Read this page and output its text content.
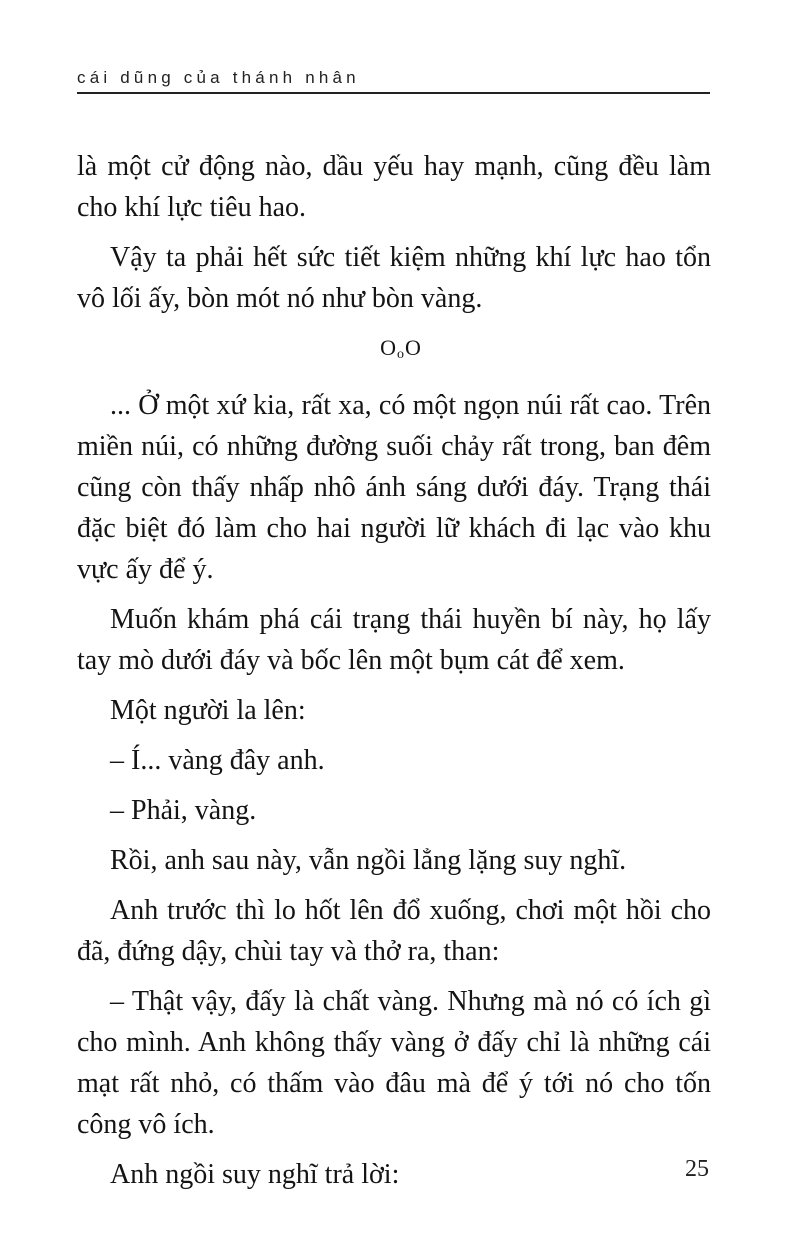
cái dũng của thánh nhân

là một cử động nào, dầu yếu hay mạnh, cũng đều làm cho khí lực tiêu hao.

Vậy ta phải hết sức tiết kiệm những khí lực hao tổn vô lối ấy, bòn mót nó như bòn vàng.

OoO

... Ở một xứ kia, rất xa, có một ngọn núi rất cao. Trên miền núi, có những đường suối chảy rất trong, ban đêm cũng còn thấy nhấp nhô ánh sáng dưới đáy. Trạng thái đặc biệt đó làm cho hai người lữ khách đi lạc vào khu vực ấy để ý.

Muốn khám phá cái trạng thái huyền bí này, họ lấy tay mò dưới đáy và bốc lên một bụm cát để xem.

Một người la lên:

– Í... vàng đây anh.

– Phải, vàng.

Rồi, anh sau này, vẫn ngồi lẳng lặng suy nghĩ.

Anh trước thì lo hốt lên đổ xuống, chơi một hồi cho đã, đứng dậy, chùi tay và thở ra, than:

– Thật vậy, đấy là chất vàng. Nhưng mà nó có ích gì cho mình. Anh không thấy vàng ở đấy chỉ là những cái mạt rất nhỏ, có thấm vào đâu mà để ý tới nó cho tốn công vô ích.

Anh ngồi suy nghĩ trả lời:	25
